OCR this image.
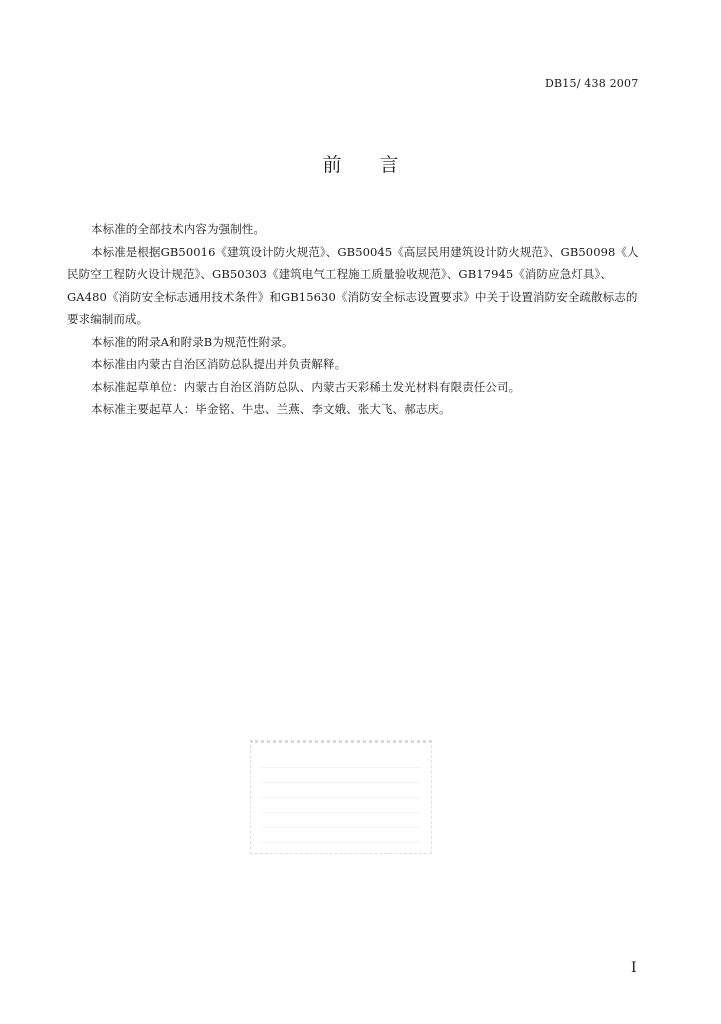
DB15/ 438 2007
前言

本标准的全部技术内容为强制性。

本标准是根据GB50016《建筑设计防火规范》、GB50045《高层民用建筑设计防火规范》、GB50098《人民防空工程防火设计规范》、GB50303《建筑电气工程施工质量验收规范》、GB17945《消防应急灯具》、GA480《消防安全标志通用技术条件》和GB15630《消防安全标志设置要求》中关于设置消防安全疏散标志的要求编制而成。

本标准的附录A和附录B为规范性附录。

本标准由内蒙古自治区消防总队提出并负责解释。

本标准起草单位：内蒙古自治区消防总队、内蒙古天彩稀土发光材料有限责任公司。

本标准主要起草人：毕金铭、牛忠、兰燕、李文娥、张大飞、郝志庆。

I
